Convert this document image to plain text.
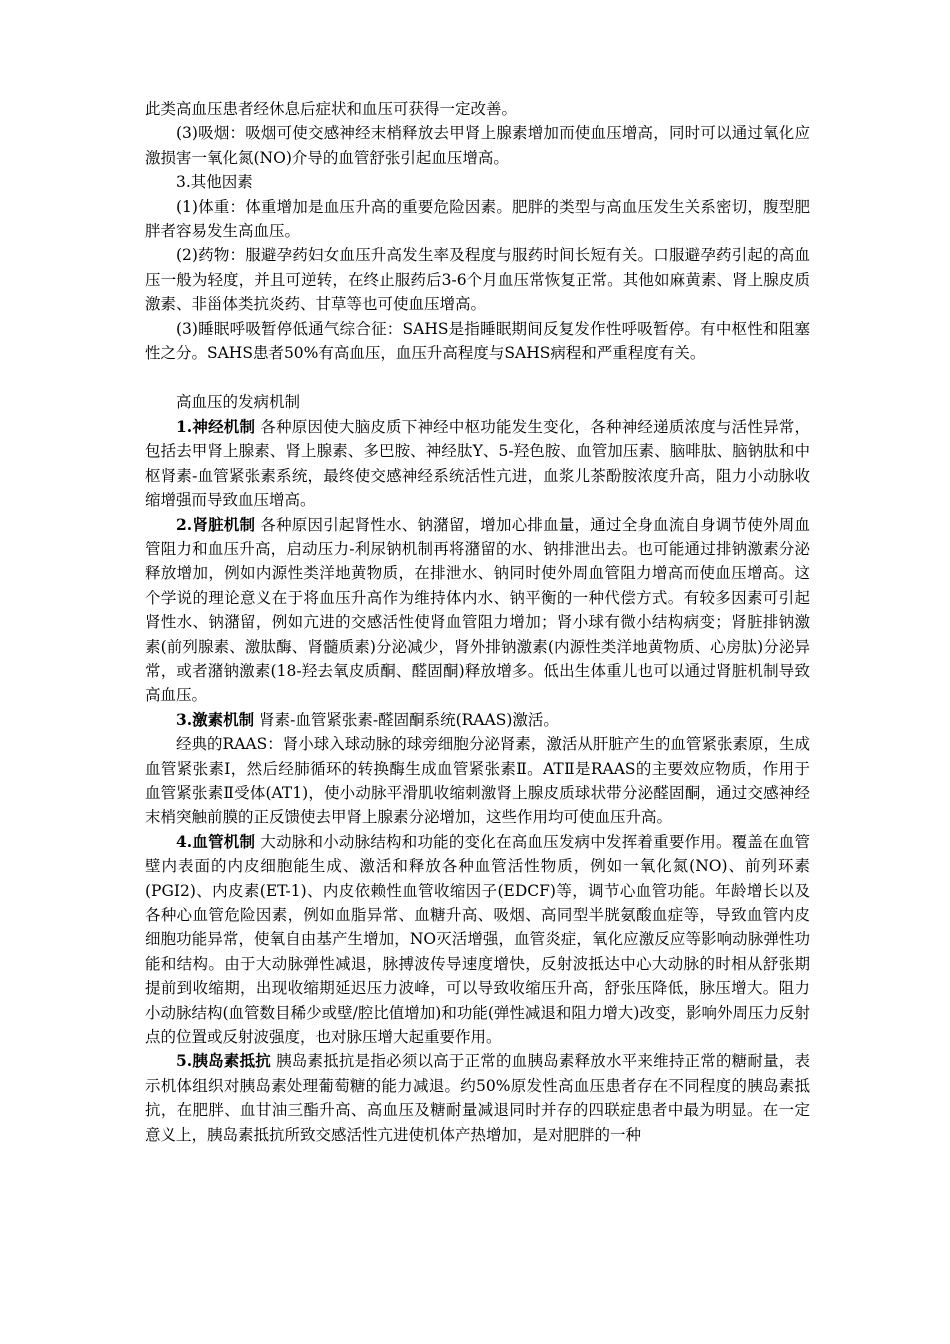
此类高血压患者经休息后症状和血压可获得一定改善。

(3)吸烟：吸烟可使交感神经末梢释放去甲肾上腺素增加而使血压增高，同时可以通过氧化应激损害一氧化氮(NO)介导的血管舒张引起血压增高。

3.其他因素

(1)体重：体重增加是血压升高的重要危险因素。肥胖的类型与高血压发生关系密切，腹型肥胖者容易发生高血压。

(2)药物：服避孕药妇女血压升高发生率及程度与服药时间长短有关。口服避孕药引起的高血压一般为轻度，并且可逆转，在终止服药后3-6个月血压常恢复正常。其他如麻黄素、肾上腺皮质激素、非甾体类抗炎药、甘草等也可使血压增高。

(3)睡眠呼吸暂停低通气综合征：SAHS是指睡眠期间反复发作性呼吸暂停。有中枢性和阻塞性之分。SAHS患者50%有高血压，血压升高程度与SAHS病程和严重程度有关。

高血压的发病机制

1.神经机制 各种原因使大脑皮质下神经中枢功能发生变化，各种神经递质浓度与活性异常，包括去甲肾上腺素、肾上腺素、多巴胺、神经肽Y、5-羟色胺、血管加压素、脑啡肽、脑钠肽和中枢肾素-血管紧张素系统，最终使交感神经系统活性亢进，血浆儿茶酚胺浓度升高，阻力小动脉收缩增强而导致血压增高。

2.肾脏机制 各种原因引起肾性水、钠潴留，增加心排血量，通过全身血流自身调节使外周血管阻力和血压升高，启动压力-利尿钠机制再将潴留的水、钠排泄出去。也可能通过排钠激素分泌释放增加，例如内源性类洋地黄物质，在排泄水、钠同时使外周血管阻力增高而使血压增高。这个学说的理论意义在于将血压升高作为维持体内水、钠平衡的一种代偿方式。有较多因素可引起肾性水、钠潴留，例如亢进的交感活性使肾血管阻力增加；肾小球有微小结构病变；肾脏排钠激素(前列腺素、激肽酶、肾髓质素)分泌减少，肾外排钠激素(内源性类洋地黄物质、心房肽)分泌异常，或者潴钠激素(18-羟去氧皮质酮、醛固酮)释放增多。低出生体重儿也可以通过肾脏机制导致高血压。

3.激素机制 肾素-血管紧张素-醛固酮系统(RAAS)激活。

经典的RAAS：肾小球入球动脉的球旁细胞分泌肾素，激活从肝脏产生的血管紧张素原，生成血管紧张素I，然后经肺循环的转换酶生成血管紧张素Ⅱ。ATⅡ是RAAS的主要效应物质，作用于血管紧张素Ⅱ受体(AT1)，使小动脉平滑肌收缩刺激肾上腺皮质球状带分泌醛固酮，通过交感神经末梢突触前膜的正反馈使去甲肾上腺素分泌增加，这些作用均可使血压升高。

4.血管机制 大动脉和小动脉结构和功能的变化在高血压发病中发挥着重要作用。覆盖在血管壁内表面的内皮细胞能生成、激活和释放各种血管活性物质，例如一氧化氮(NO)、前列环素(PGI2)、内皮素(ET-1)、内皮依赖性血管收缩因子(EDCF)等，调节心血管功能。年龄增长以及各种心血管危险因素，例如血脂异常、血糖升高、吸烟、高同型半胱氨酸血症等，导致血管内皮细胞功能异常，使氧自由基产生增加，NO灭活增强，血管炎症，氧化应激反应等影响动脉弹性功能和结构。由于大动脉弹性减退，脉搏波传导速度增快，反射波抵达中心大动脉的时相从舒张期提前到收缩期，出现收缩期延迟压力波峰，可以导致收缩压升高，舒张压降低，脉压增大。阻力小动脉结构(血管数目稀少或壁/腔比值增加)和功能(弹性减退和阻力增大)改变，影响外周压力反射点的位置或反射波强度，也对脉压增大起重要作用。

5.胰岛素抵抗 胰岛素抵抗是指必须以高于正常的血胰岛素释放水平来维持正常的糖耐量，表示机体组织对胰岛素处理葡萄糖的能力减退。约50%原发性高血压患者存在不同程度的胰岛素抵抗，在肥胖、血甘油三酯升高、高血压及糖耐量减退同时并存的四联症患者中最为明显。在一定意义上，胰岛素抵抗所致交感活性亢进使机体产热增加，是对肥胖的一种
